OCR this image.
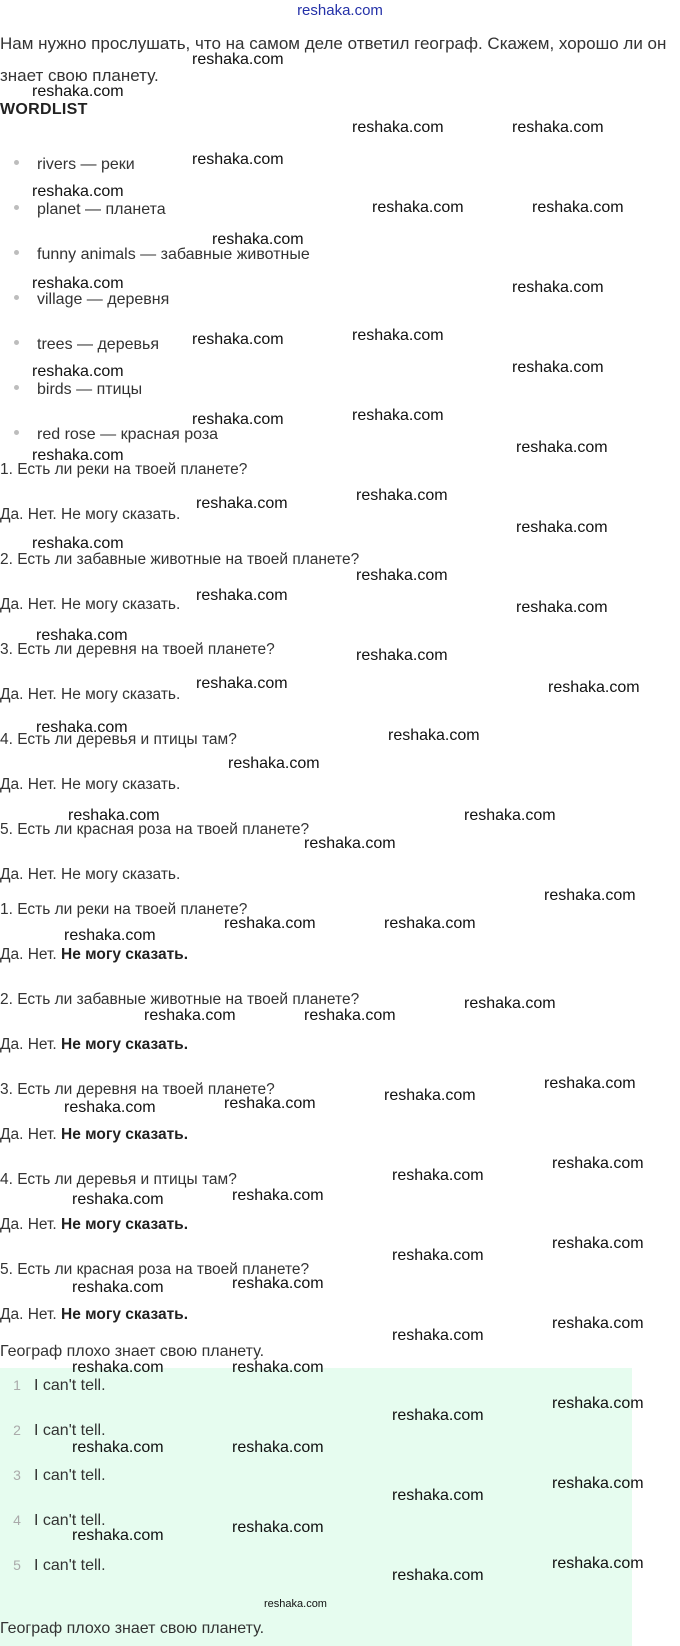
reshaka.com
Нам нужно прослушать, что на самом деле ответил географ. Скажем, хорошо ли он знает свою планету.
WORDLIST
rivers — реки
planet — планета
funny animals — забавные животные
village — деревня
trees — деревья
birds — птицы
red rose — красная роза
1. Есть ли реки на твоей планете?
Да. Нет. Не могу сказать.
2. Есть ли забавные животные на твоей планете?
Да. Нет. Не могу сказать.
3. Есть ли деревня на твоей планете?
Да. Нет. Не могу сказать.
4. Есть ли деревья и птицы там?
Да. Нет. Не могу сказать.
5. Есть ли красная роза на твоей планете?
Да. Нет. Не могу сказать.
1. Есть ли реки на твоей планете?
Да. Нет. Не могу сказать.
2. Есть ли забавные животные на твоей планете?
Да. Нет. Не могу сказать.
3. Есть ли деревня на твоей планете?
Да. Нет. Не могу сказать.
4. Есть ли деревья и птицы там?
Да. Нет. Не могу сказать.
5. Есть ли красная роза на твоей планете?
Да. Нет. Не могу сказать.
Географ плохо знает свою планету.
1 I can't tell.
2 I can't tell.
3 I can't tell.
4 I can't tell.
5 I can't tell.
Географ плохо знает свою планету.
reshaka.com
reshaka.com
reshaka.com	reshaka.com
reshaka.com
reshaka.com
reshaka.com	reshaka.com
reshaka.com
reshaka.com	reshaka.com
reshaka.com	reshaka.com
reshaka.com	reshaka.com
reshaka.com	reshaka.com
reshaka.com	reshaka.com
reshaka.com
reshaka.com
reshaka.com
reshaka.com
reshaka.com
reshaka.com
reshaka.com
reshaka.com
reshaka.com
reshaka.com	reshaka.com
reshaka.com	reshaka.com
reshaka.com
reshaka.com	reshaka.com
reshaka.com
reshaka.com
reshaka.com	reshaka.com
reshaka.com
reshaka.com
reshaka.com	reshaka.com
reshaka.com
reshaka.com
reshaka.com	reshaka.com
reshaka.com
reshaka.com
reshaka.com
reshaka.com
reshaka.com
reshaka.com
reshaka.com
reshaka.com
reshaka.com
reshaka.com
reshaka.com	reshaka.com
reshaka.com
reshaka.com
reshaka.com	reshaka.com
reshaka.com
reshaka.com
reshaka.com	reshaka.com
reshaka.com
reshaka.com
reshaka.com
